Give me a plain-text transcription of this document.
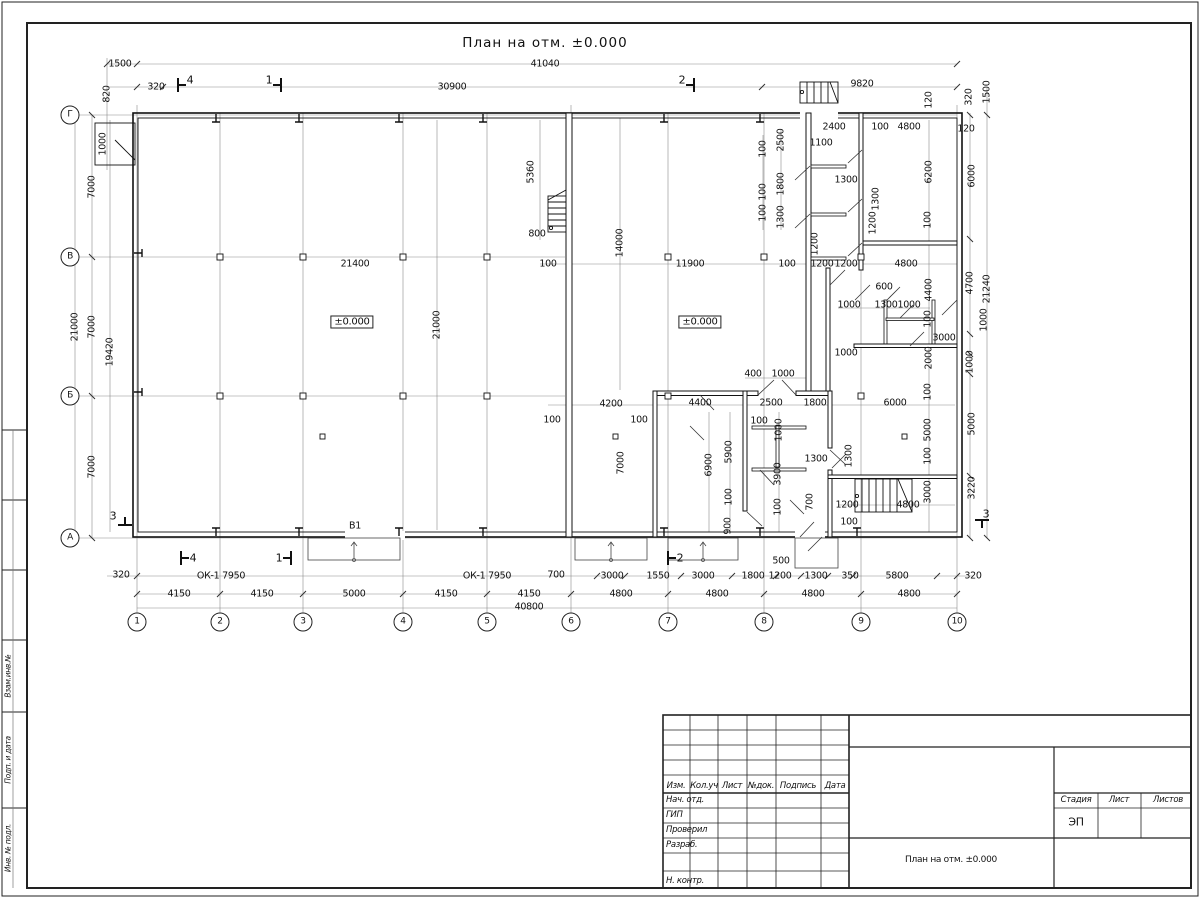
План на отм. ±0.000
41040
1500
320	30900	9820
820
1000
120	320 1500
4	1	2
7000
7000
7000
21000
19420
3
Г
В
Б
А
6000
4700 21240
1000
3000
1000
5000
3220
3
2400	100 4800	120
1100
2500
100
1300
1800
100
1300
100
6200
100
1300
1200
1200
21400	100	11900	100 1200 1200	4800
±0.000	±0.000
21000
5360
800	14000
4400
600
1000 1300 1000
100
1000	2000
100
400 1000
2500 1800	6000
100 1000	5000
100
3000
1300 1300
3900
700
100	1200	4800
100
4200
100	100
4400
7000	6900
5900
100
900
500
В1
320
4	1
ОК-1 7950	ОК-1 7950	700	3000 1550
2
3000	1800 1200 1300 350	5800	320
4150	4150	5000	4150	4150	4800	4800	4800	4800
40800
1	2	3	4	5	6	7	8	9	10
Изм. Кол.уч Лист №док. Подпись Дата
Нач. отд.
ГИП
Проверил
Разраб.
Н. контр.
Стадия Лист	Листов
ЭП
План на отм. ±0.000
Взам.инв.№
Подп. и дата
Инв. № подл.
